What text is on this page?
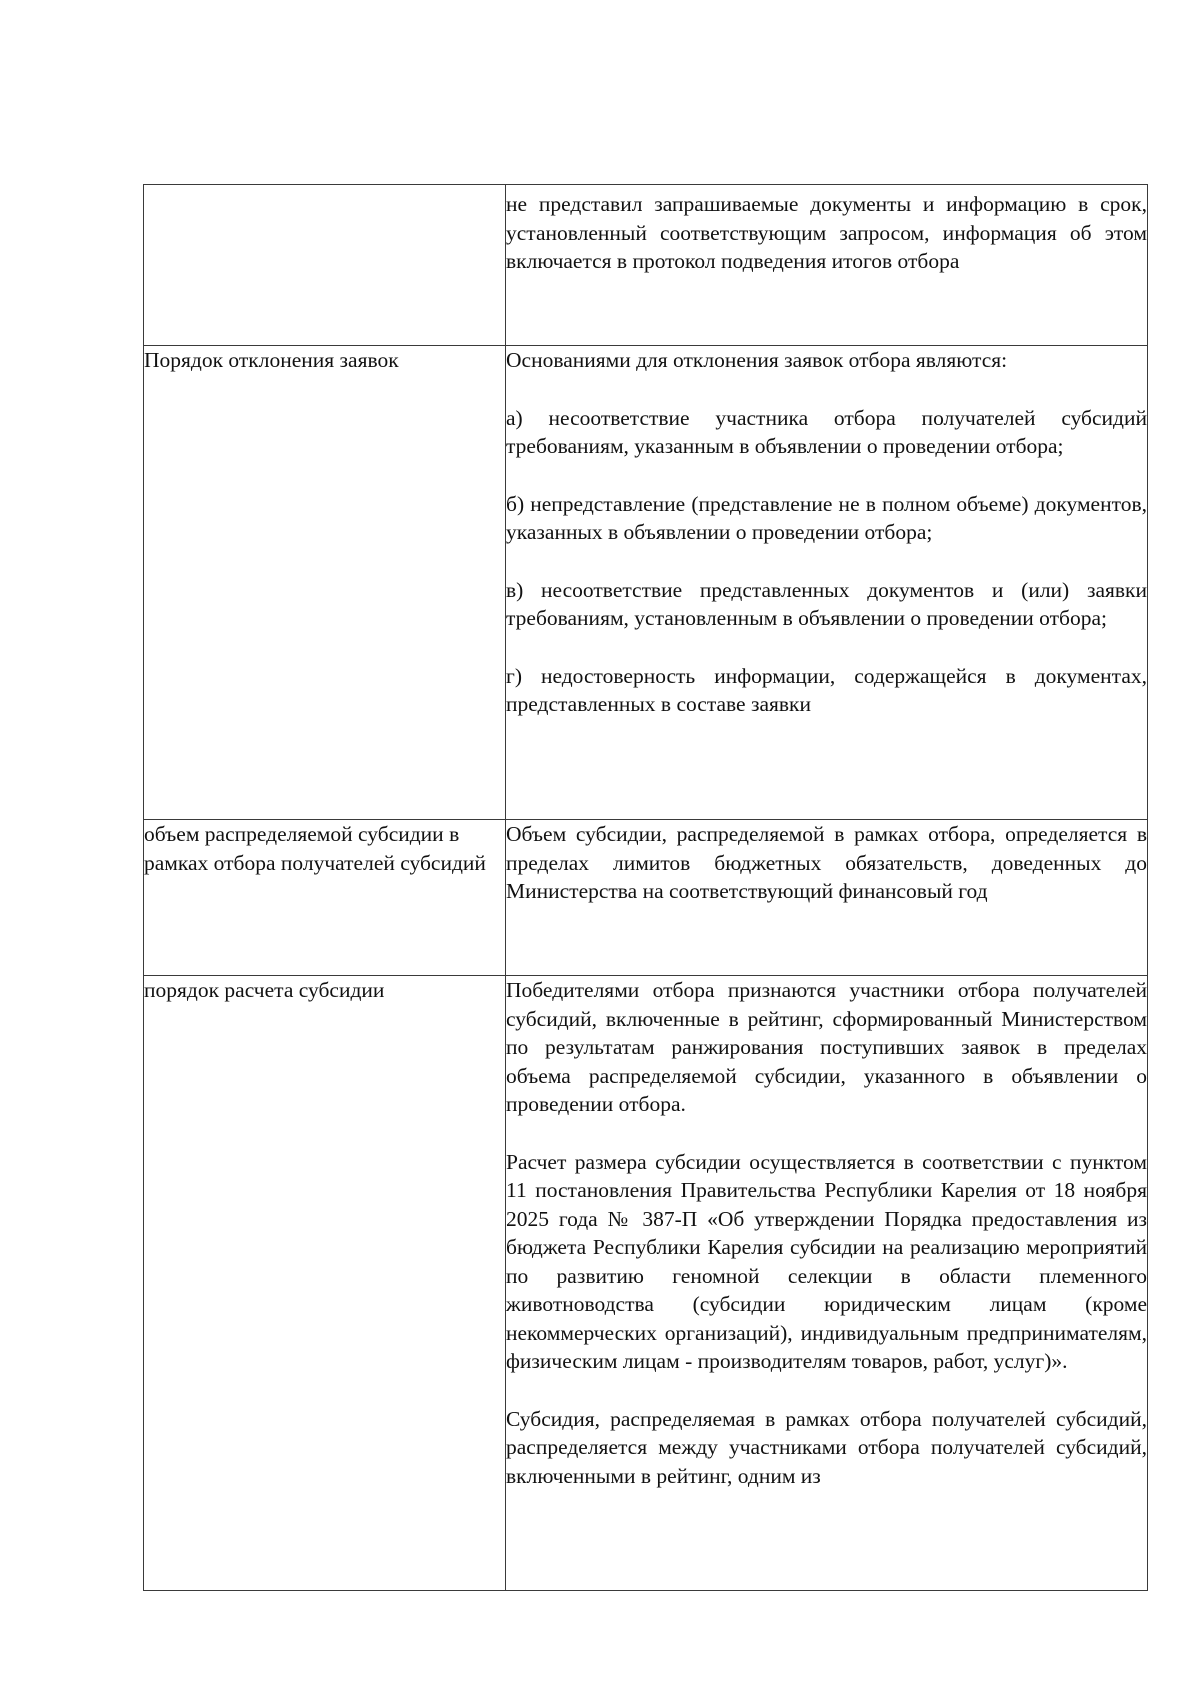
	не представил запрашиваемые документы и информацию в срок, установленный соответствующим запросом, информация об этом включается в протокол подведения итогов отбора

Порядок отклонения заявок	Основаниями для отклонения заявок отбора являются:

а) несоответствие участника отбора получателей субсидий требованиям, указанным в объявлении о проведении отбора;

б) непредставление (представление не в полном объеме) документов, указанных в объявлении о проведении отбора;

в) несоответствие представленных документов и (или) заявки требованиям, установленным в объявлении о проведении отбора;

г) недостоверность информации, содержащейся в документах, представленных в составе заявки

объем распределяемой субсидии в рамках отбора получателей субсидий	Объем субсидии, распределяемой в рамках отбора, определяется в пределах лимитов бюджетных обязательств, доведенных до Министерства на соответствующий финансовый год

порядок расчета субсидии	Победителями отбора признаются участники отбора получателей субсидий, включенные в рейтинг, сформированный Министерством по результатам ранжирования поступивших заявок в пределах объема распределяемой субсидии, указанного в объявлении о проведении отбора.

Расчет размера субсидии осуществляется в соответствии с пунктом 11 постановления Правительства Республики Карелия от 18 ноября 2025 года № 387-П «Об утверждении Порядка предоставления из бюджета Республики Карелия субсидии на реализацию мероприятий по развитию геномной селекции в области племенного животноводства (субсидии юридическим лицам (кроме некоммерческих организаций), индивидуальным предпринимателям, физическим лицам - производителям товаров, работ, услуг)».

Субсидия, распределяемая в рамках отбора получателей субсидий, распределяется между участниками отбора получателей субсидий, включенными в рейтинг, одним из
